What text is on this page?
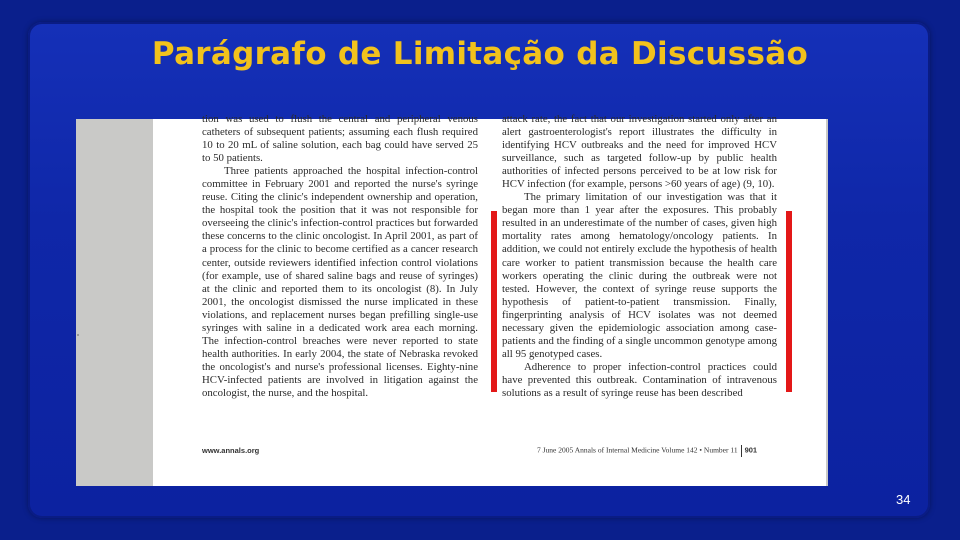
Parágrafo de Limitação da Discussão

tion was used to flush the central and peripheral venous catheters of subsequent patients; assuming each flush required 10 to 20 mL of saline solution, each bag could have served 25 to 50 patients.

Three patients approached the hospital infection-control committee in February 2001 and reported the nurse's syringe reuse. Citing the clinic's independent ownership and operation, the hospital took the position that it was not responsible for overseeing the clinic's infection-control practices but forwarded these concerns to the clinic oncologist. In April 2001, as part of a process for the clinic to become certified as a cancer research center, outside reviewers identified infection control violations (for example, use of shared saline bags and reuse of syringes) at the clinic and reported them to its oncologist (8). In July 2001, the oncologist dismissed the nurse implicated in these violations, and replacement nurses began prefilling single-use syringes with saline in a dedicated work area each morning. The infection-control breaches were never reported to state health authorities. In early 2004, the state of Nebraska revoked the oncologist's and nurse's professional licenses. Eighty-nine HCV-infected patients are involved in litigation against the oncologist, the nurse, and the hospital.

attack rate, the fact that our investigation started only after an alert gastroenterologist's report illustrates the difficulty in identifying HCV outbreaks and the need for improved HCV surveillance, such as targeted follow-up by public health authorities of infected persons perceived to be at low risk for HCV infection (for example, persons >60 years of age) (9, 10).

The primary limitation of our investigation was that it began more than 1 year after the exposures. This probably resulted in an underestimate of the number of cases, given high mortality rates among hematology/oncology patients. In addition, we could not entirely exclude the hypothesis of health care worker to patient transmission because the health care workers operating the clinic during the outbreak were not tested. However, the context of syringe reuse supports the hypothesis of patient-to-patient transmission. Finally, fingerprinting analysis of HCV isolates was not deemed necessary given the epidemiologic association among case-patients and the finding of a single uncommon genotype among all 95 genotyped cases.

Adherence to proper infection-control practices could have prevented this outbreak. Contamination of intravenous solutions as a result of syringe reuse has been described

www.annals.org	7 June 2005 Annals of Internal Medicine Volume 142 • Number 11 901
34
